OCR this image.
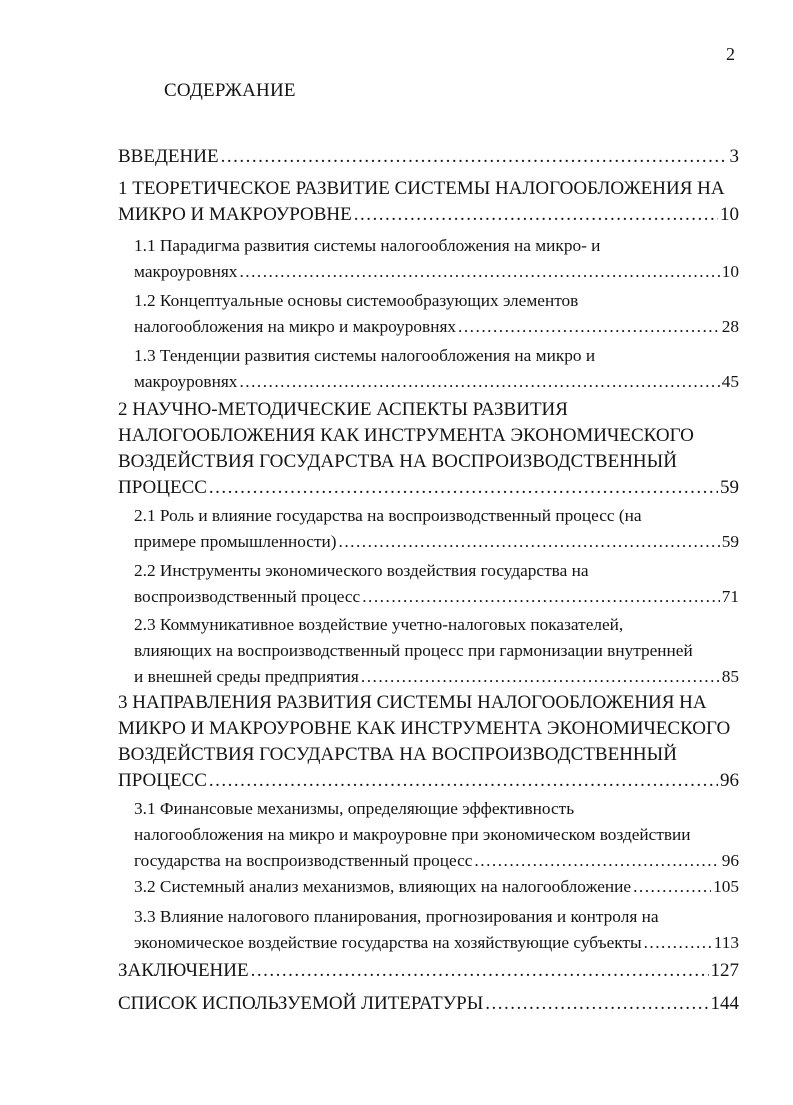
2
СОДЕРЖАНИЕ
ВВЕДЕНИЕ .....	3
1 ТЕОРЕТИЧЕСКОЕ РАЗВИТИЕ СИСТЕМЫ НАЛОГООБЛОЖЕНИЯ НА
МИКРО И МАКРОУРОВНЕ .....	10
1.1 Парадигма развития системы налогообложения на микро- и
макроуровнях .....	10
1.2 Концептуальные основы системообразующих элементов
налогообложения на микро и макроуровнях .....	28
1.3 Тенденции развития системы налогообложения на микро и
макроуровнях .....	45
2 НАУЧНО-МЕТОДИЧЕСКИЕ АСПЕКТЫ РАЗВИТИЯ
НАЛОГООБЛОЖЕНИЯ КАК ИНСТРУМЕНТА ЭКОНОМИЧЕСКОГО
ВОЗДЕЙСТВИЯ ГОСУДАРСТВА НА ВОСПРОИЗВОДСТВЕННЫЙ
ПРОЦЕСС .....	59
2.1 Роль и влияние государства на воспроизводственный процесс (на
примере промышленности) .....	59
2.2 Инструменты экономического воздействия государства на
воспроизводственный процесс .....	71
2.3 Коммуникативное воздействие учетно-налоговых показателей,
влияющих на воспроизводственный процесс при гармонизации внутренней
и внешней среды предприятия .....	85
3 НАПРАВЛЕНИЯ РАЗВИТИЯ СИСТЕМЫ НАЛОГООБЛОЖЕНИЯ НА
МИКРО И МАКРОУРОВНЕ КАК ИНСТРУМЕНТА ЭКОНОМИЧЕСКОГО
ВОЗДЕЙСТВИЯ ГОСУДАРСТВА НА ВОСПРОИЗВОДСТВЕННЫЙ
ПРОЦЕСС .....	96
3.1 Финансовые механизмы, определяющие эффективность
налогообложения на микро и макроуровне при экономическом воздействии
государства на воспроизводственный процесс .....	96
3.2 Системный анализ механизмов, влияющих на налогообложение .....	105
3.3 Влияние налогового планирования, прогнозирования и контроля на
экономическое воздействие государства на хозяйствующие субъекты .....	113
ЗАКЛЮЧЕНИЕ .....	127
СПИСОК ИСПОЛЬЗУЕМОЙ ЛИТЕРАТУРЫ .....	144
